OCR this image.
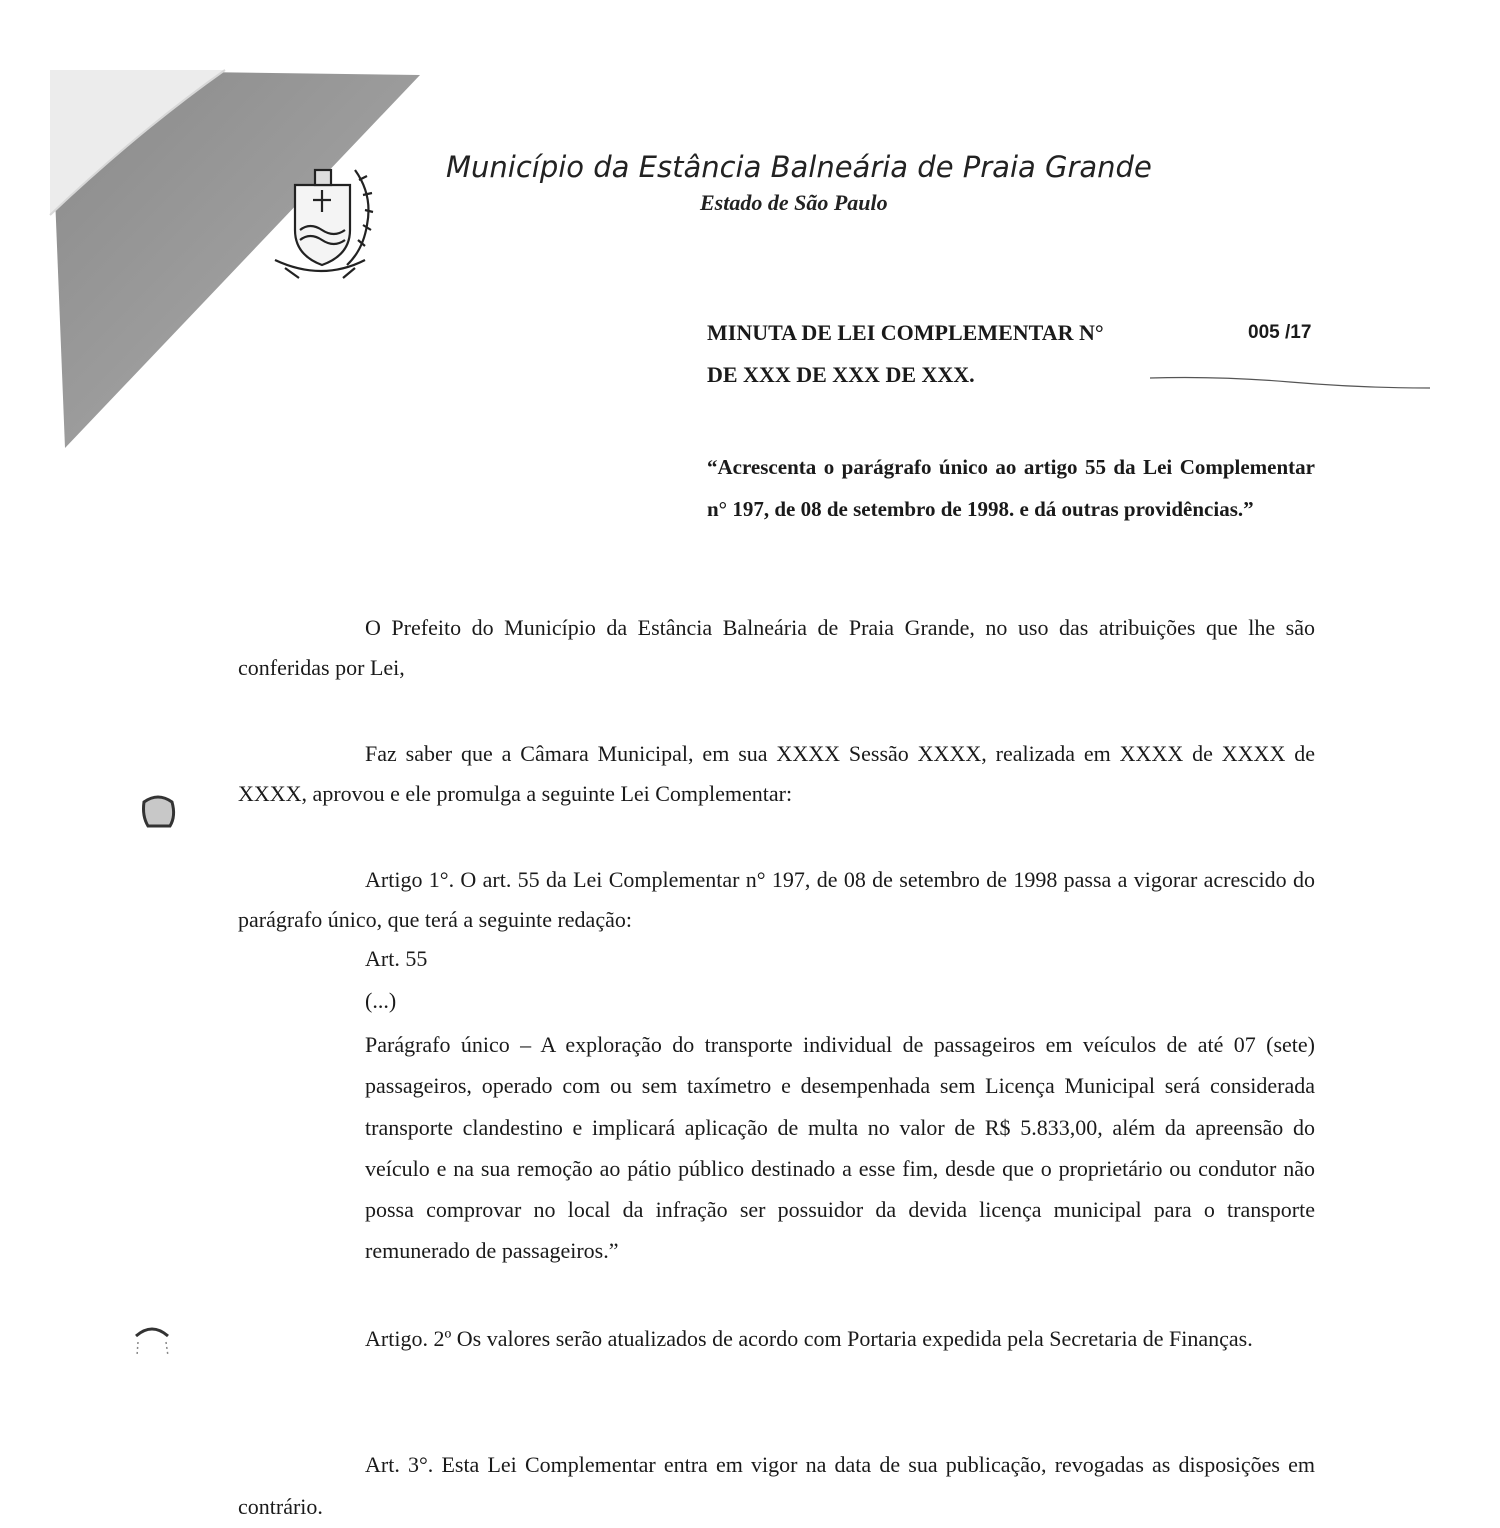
Município da Estância Balneária de Praia Grande
Estado de São Paulo
MINUTA DE LEI COMPLEMENTAR N°	005 /17
DE XXX DE XXX DE XXX.
“Acrescenta o parágrafo único ao artigo 55 da Lei Complementar n° 197, de 08 de setembro de 1998. e dá outras providências.”
O Prefeito do Município da Estância Balneária de Praia Grande, no uso das atribuições que lhe são conferidas por Lei,
Faz saber que a Câmara Municipal, em sua XXXX Sessão XXXX, realizada em XXXX de XXXX de XXXX, aprovou e ele promulga a seguinte Lei Complementar:
Artigo 1°. O art. 55 da Lei Complementar n° 197, de 08 de setembro de 1998 passa a vigorar acrescido do parágrafo único, que terá a seguinte redação:
Art. 55
(...)
Parágrafo único – A exploração do transporte individual de passageiros em veículos de até 07 (sete) passageiros, operado com ou sem taxímetro e desempenhada sem Licença Municipal será considerada transporte clandestino e implicará aplicação de multa no valor de R$ 5.833,00, além da apreensão do veículo e na sua remoção ao pátio público destinado a esse fim, desde que o proprietário ou condutor não possa comprovar no local da infração ser possuidor da devida licença municipal para o transporte remunerado de passageiros.”
Artigo. 2º Os valores serão atualizados de acordo com Portaria expedida pela Secretaria de Finanças.
Art. 3°. Esta Lei Complementar entra em vigor na data de sua publicação, revogadas as disposições em contrário.
